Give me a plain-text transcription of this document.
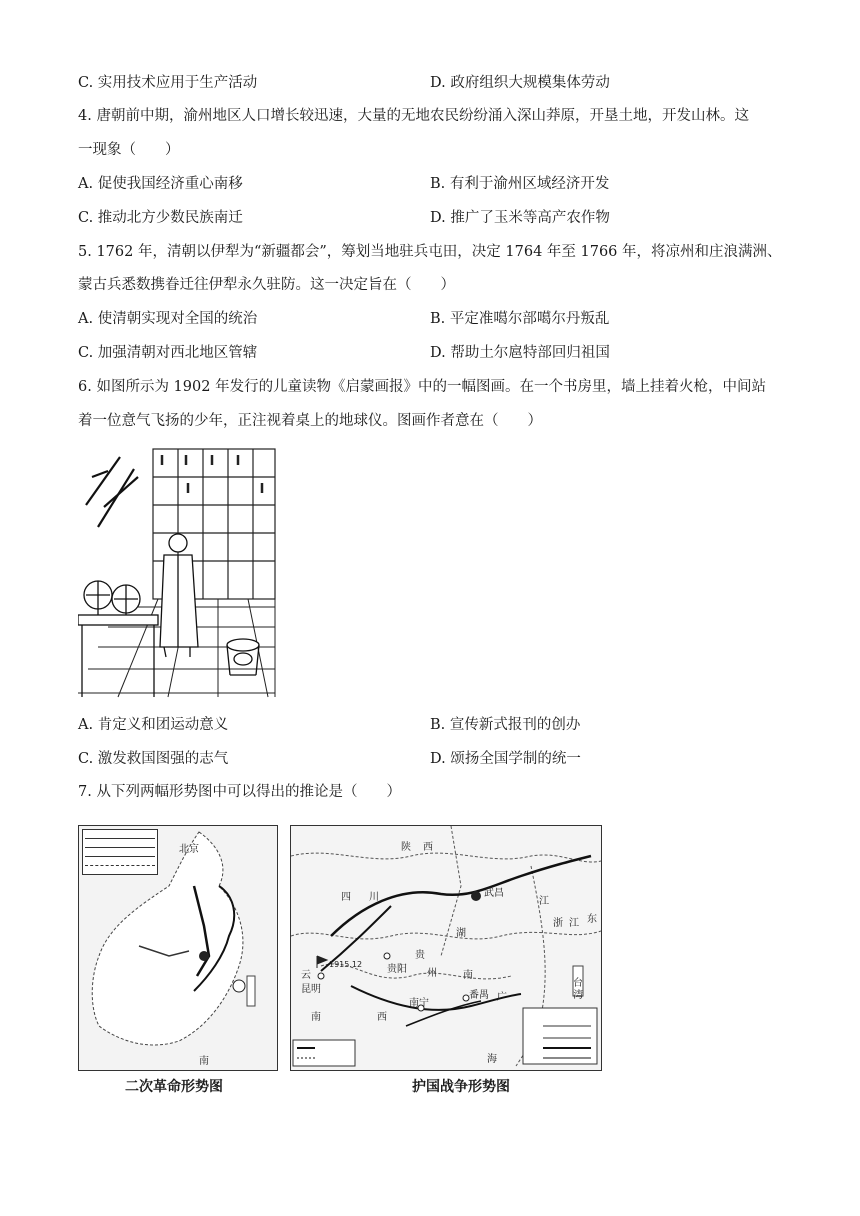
C. 实用技术应用于生产活动	D. 政府组织大规模集体劳动
4. 唐朝前中期，渝州地区人口增长较迅速，大量的无地农民纷纷涌入深山莽原，开垦土地，开发山林。这
一现象（　　）
A. 促使我国经济重心南移	B. 有利于渝州区域经济开发
C. 推动北方少数民族南迁	D. 推广了玉米等高产农作物
5. 1762 年，清朝以伊犁为“新疆都会”，筹划当地驻兵屯田，决定 1764 年至 1766 年，将凉州和庄浪满洲、
蒙古兵悉数携眷迁往伊犁永久驻防。这一决定旨在（　　）
A. 使清朝实现对全国的统治	B. 平定准噶尔部噶尔丹叛乱
C. 加强清朝对西北地区管辖	D. 帮助土尔扈特部回归祖国
6. 如图所示为 1902 年发行的儿童读物《启蒙画报》中的一幅图画。在一个书房里，墙上挂着火枪，中间站
着一位意气飞扬的少年，正注视着桌上的地球仪。图画作者意在（　　）
A. 肯定义和团运动意义	B. 宣传新式报刊的创办
C. 激发救国图强的志气	D. 颂扬全国学制的统一
7. 从下列两幅形势图中可以得出的推论是（　　）
北京
南
陕 西
四 川	武昌
江
浙 江 东
湖
南
贵
州
贵阳
云
昆明
1915.12
南宁
番禺
台
湾
南
海
广
西
二次革命形势图	护国战争形势图
